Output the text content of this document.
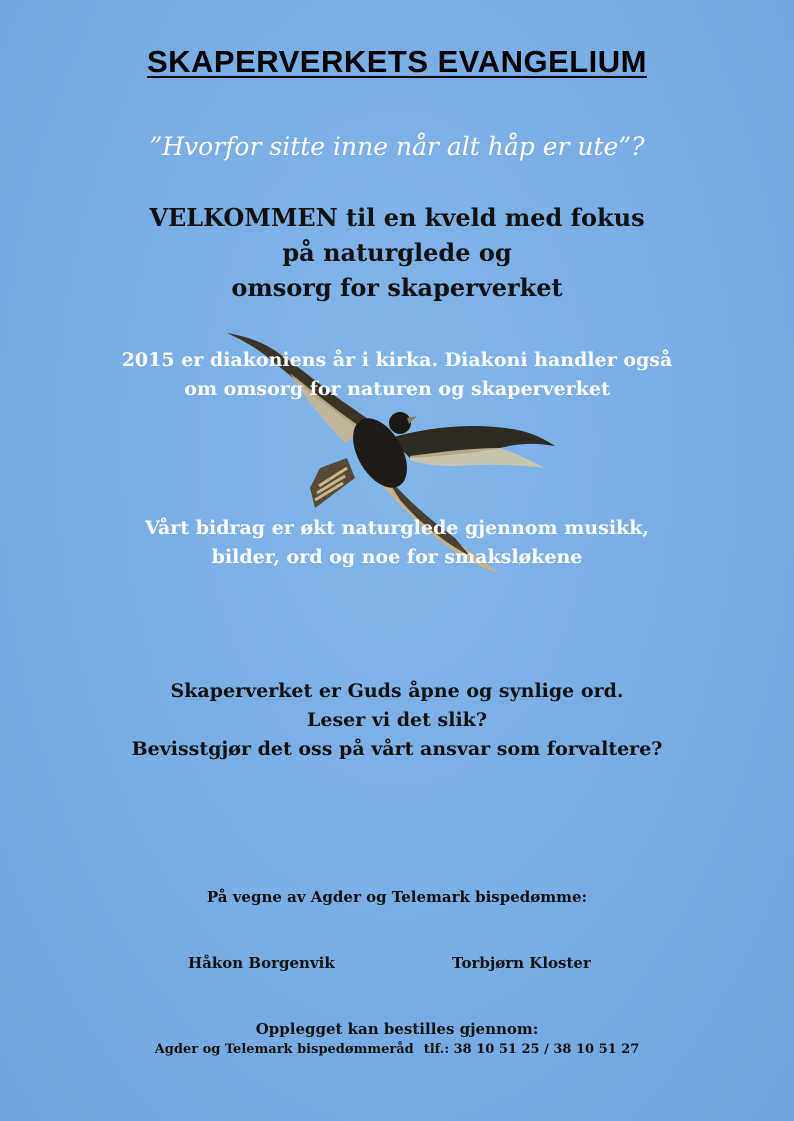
SKAPERVERKETS EVANGELIUM
”Hvorfor sitte inne når alt håp er ute”?
VELKOMMEN til en kveld med fokus
på naturglede og
omsorg for skaperverket
2015 er diakoniens år i kirka. Diakoni handler også
om omsorg for naturen og skaperverket
Vårt bidrag er økt naturglede gjennom musikk,
bilder, ord og noe for smaksløkene
Skaperverket er Guds åpne og synlige ord.
Leser vi det slik?
Bevisstgjør det oss på vårt ansvar som forvaltere?
På vegne av Agder og Telemark bispedømme:
Håkon Borgenvik	Torbjørn Kloster
Opplegget kan bestilles gjennom:
Agder og Telemark bispedømmeråd tlf.: 38 10 51 25 / 38 10 51 27
